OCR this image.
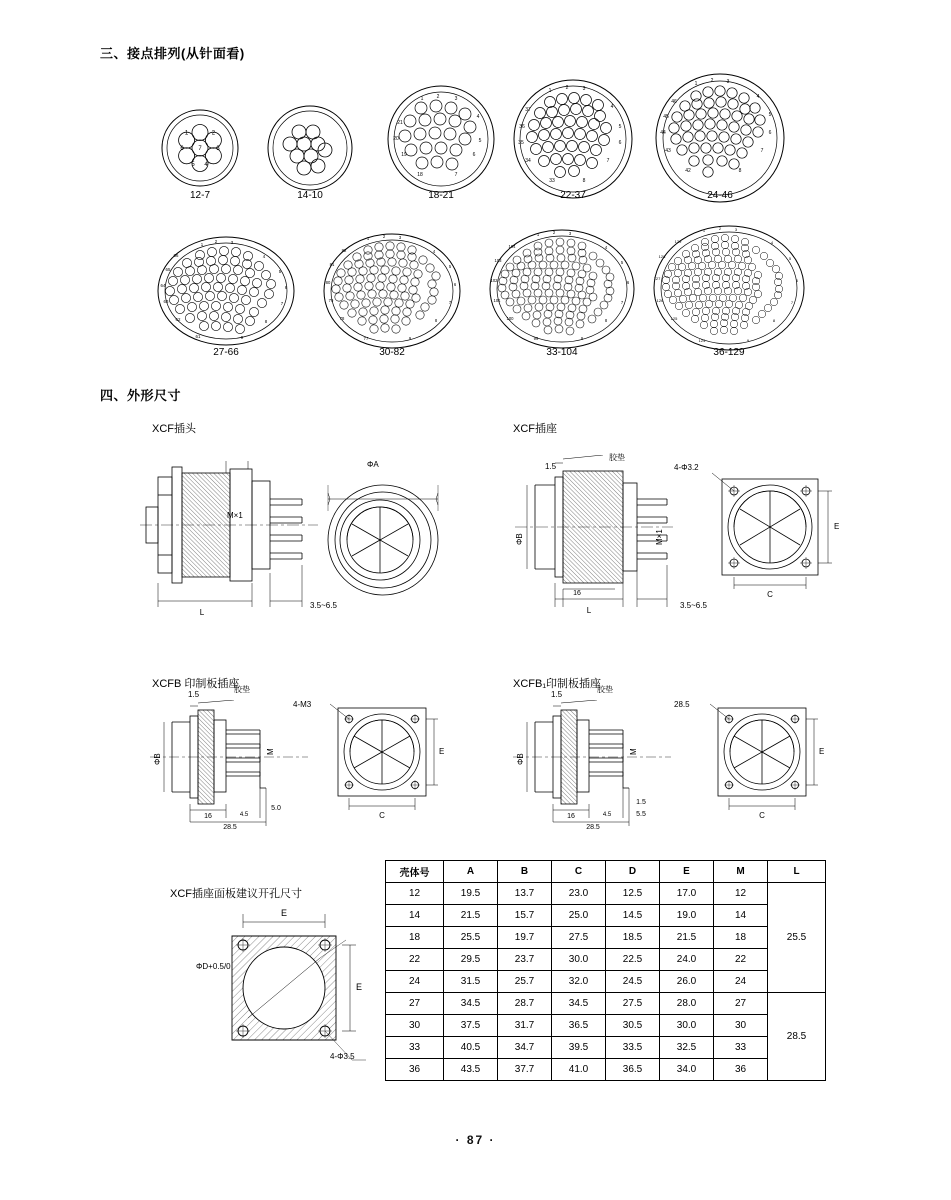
三、接点排列(从针面看)
1	2
3
4
5
6 7
12-7	14-10
1	2	3
21
4
20	5
19	6
18	7
18-21
1	2	3
4
37
5
36
6
35
7
34
8
33
22-37
1	2	3
4
46
5
45
6
44
7
43
8
42
24-46
1
2	3
4
66
5
65
6
64
7
63
8
62
9
61
27-66
1	2	3
4
82
5
81
6
80
7
79
8
78
9
77
30-82
1	2	3
4
104
5
103
6
102
7
101
8
100
9
99
33-104
1	2	3
4
129
5
128
6
127
7
126
8
125
9
124
36-129
四、外形尺寸
XCF插头
L
M×1
3.5~6.5
ΦA
XCF插座
L
16
1.5
胶垫
ΦB	M×1
3.5~6.5
E
C
4-Φ3.2
XCFB 印制板插座
16	4.5
28.5
5.0
1.5
胶垫
ΦB
M	E
C
4-M3
XCFB₁印制板插座
16	4.5
28.5
1.5
5.5
1.5
胶垫
ΦB
M	E
C
28.5
XCF插座面板建议开孔尺寸
E
E
ΦD+0.5/0
4-Φ3.5
壳体号	A	B	C	D	E	M	L
12	19.5	13.7	23.0	12.5	17.0	12	25.5
14	21.5	15.7	25.0	14.5	19.0	14	
18	25.5	19.7	27.5	18.5	21.5	18	
22	29.5	23.7	30.0	22.5	24.0	22	
24	31.5	25.7	32.0	24.5	26.0	24	
27	34.5	28.7	34.5	27.5	28.0	27	28.5
30	37.5	31.7	36.5	30.5	30.0	30	
33	40.5	34.7	39.5	33.5	32.5	33	
36	43.5	37.7	41.0	36.5	34.0	36	
· 87 ·
